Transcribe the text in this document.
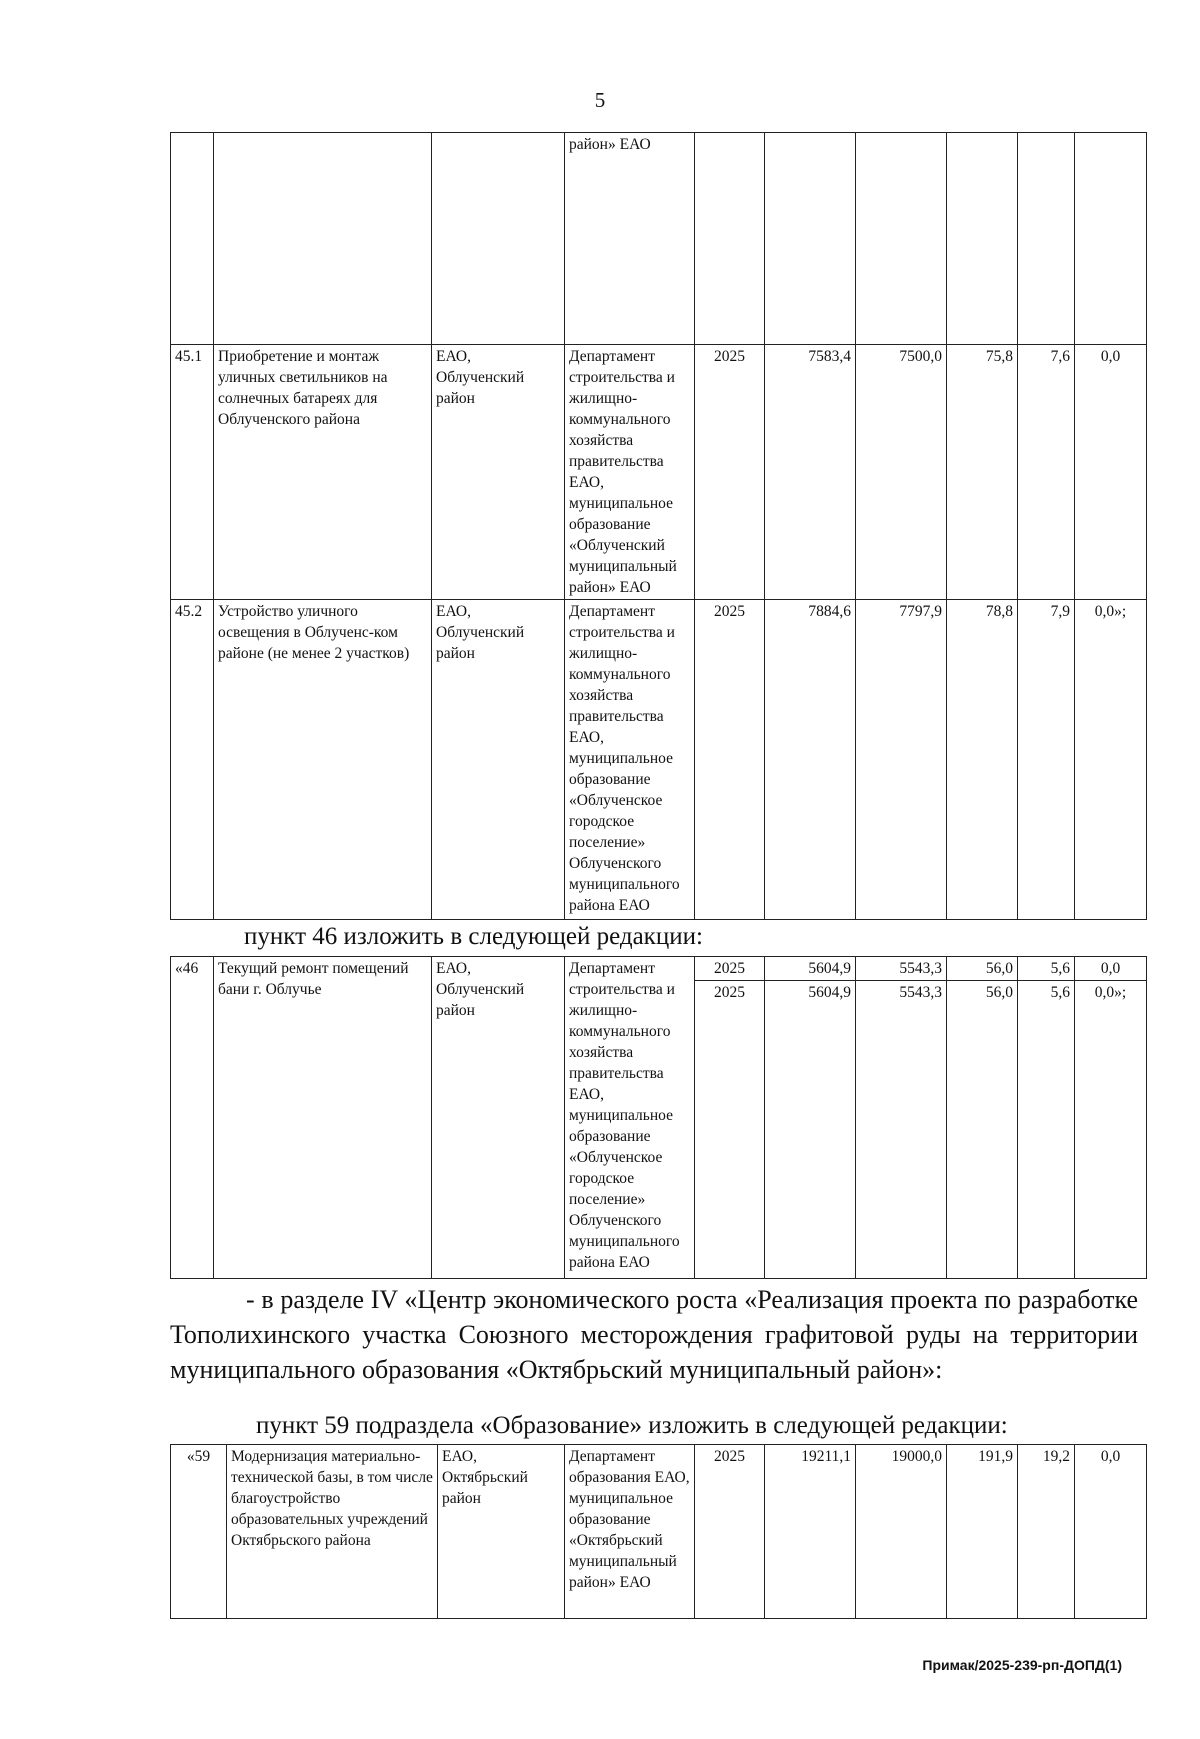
5
			район» ЕАО						
45.1	Приобретение и монтаж уличных светильников на солнечных батареях для Облученского района	ЕАО, Облученский район	Департамент строительства и жилищно-коммунального хозяйства правительства ЕАО, муниципальное образование «Облученский муниципальный район» ЕАО	2025	7583,4	7500,0	75,8	7,6	0,0
45.2	Устройство уличного освещения в Облученс-ком районе (не менее 2 участков)	ЕАО, Облученский район	Департамент строительства и жилищно-коммунального хозяйства правительства ЕАО, муниципальное образование «Облученское городское поселение» Облученского муниципального района ЕАО	2025	7884,6	7797,9	78,8	7,9	0,0»;
пункт 46 изложить в следующей редакции:
«46	Текущий ремонт помещений бани г. Облучье	ЕАО, Облученский район	Департамент строительства и жилищно-коммунального хозяйства правительства ЕАО, муниципальное образование «Облученское городское поселение» Облученского муниципального района ЕАО	2025	5604,9	5543,3	56,0	5,6	0,0
				2025	5604,9	5543,3	56,0	5,6	0,0»;
- в разделе IV «Центр экономического роста «Реализация проекта по разработке Тополихинского участка Союзного месторождения графитовой руды на территории муниципального образования «Октябрьский муниципальный район»:
пункт 59 подраздела «Образование» изложить в следующей редакции:
«59	Модернизация материально-технической базы, в том числе благоустройство образовательных учреждений Октябрьского района	ЕАО, Октябрьский район	Департамент образования ЕАО, муниципальное образование «Октябрьский муниципальный район» ЕАО	2025	19211,1	19000,0	191,9	19,2	0,0
Примак/2025-239-рп-ДОПД(1)
